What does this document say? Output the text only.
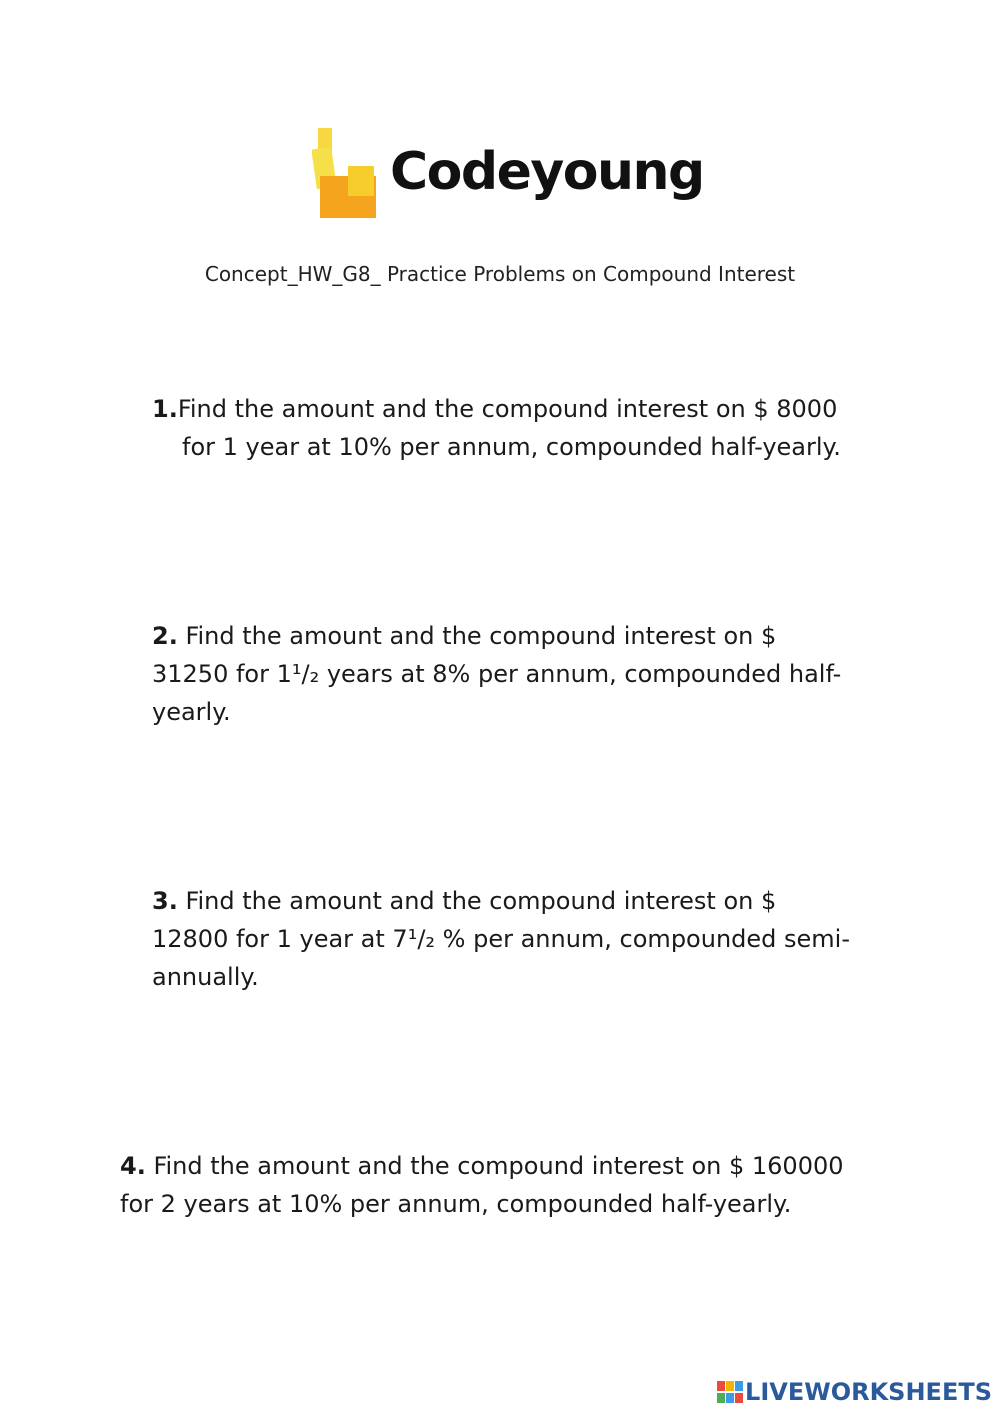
Codeyoung
Concept_HW_G8_ Practice Problems on Compound Interest
1.Find the amount and the compound interest on $ 8000
for 1 year at 10% per annum, compounded half-yearly.
2. Find the amount and the compound interest on $
31250 for 1¹/₂ years at 8% per annum, compounded half-
yearly.
3. Find the amount and the compound interest on $
12800 for 1 year at 7¹/₂ % per annum, compounded semi-
annually.
4. Find the amount and the compound interest on $ 160000
for 2 years at 10% per annum, compounded half-yearly.
LIVEWORKSHEETS
